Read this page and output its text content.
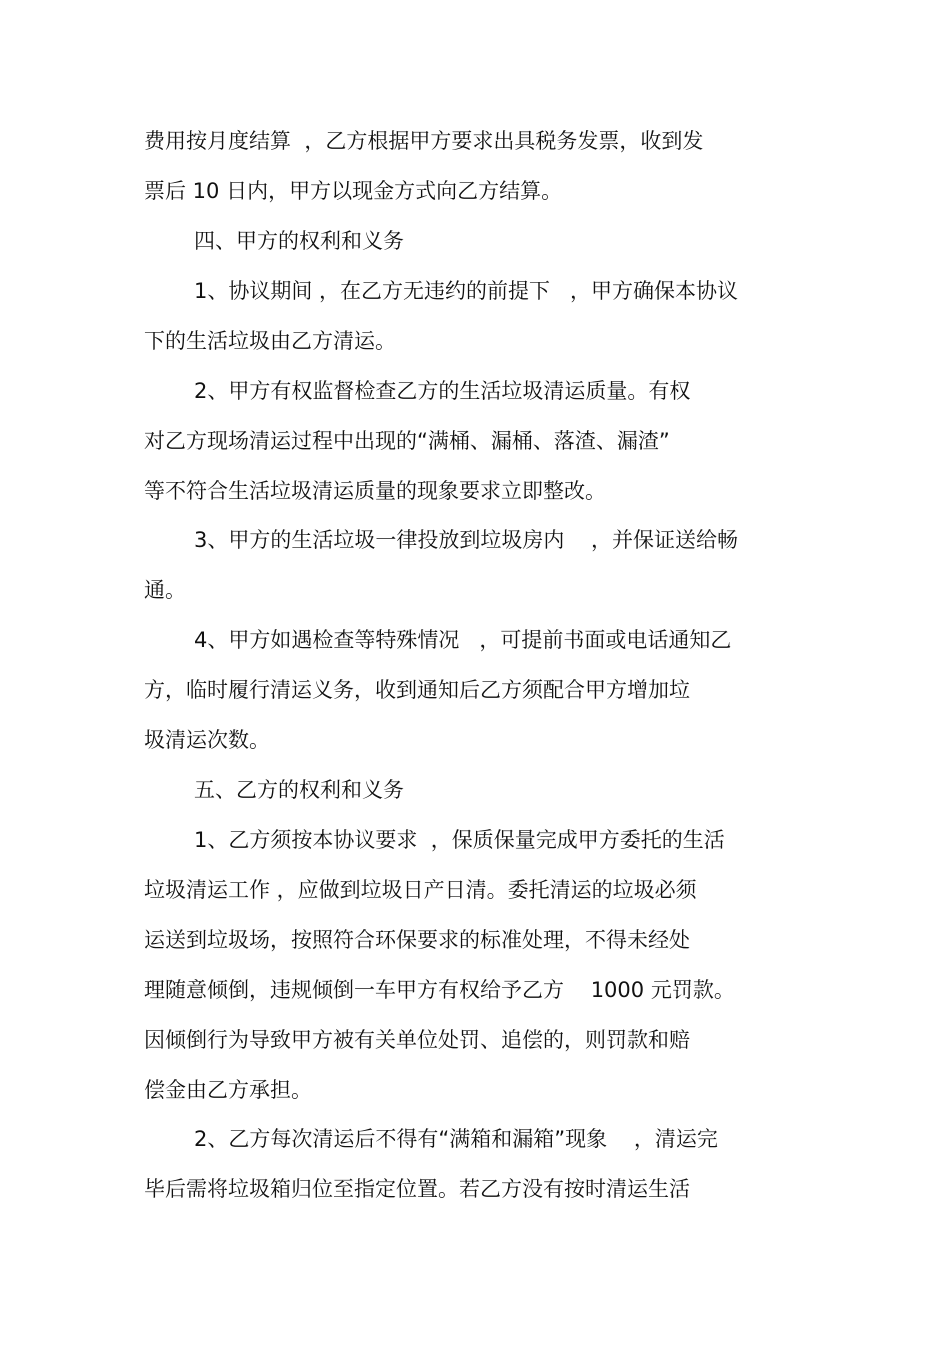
费用按月度结算  ，乙方根据甲方要求出具税务发票，收到发
票后 10 日内，甲方以现金方式向乙方结算。
四、甲方的权利和义务
1、协议期间 ，在乙方无违约的前提下   ，甲方确保本协议
下的生活垃圾由乙方清运。
2、甲方有权监督检查乙方的生活垃圾清运质量。有权
对乙方现场清运过程中出现的“满桶、漏桶、落渣、漏渣”
等不符合生活垃圾清运质量的现象要求立即整改。
3、甲方的生活垃圾一律投放到垃圾房内    ，并保证送给畅
通。
4、甲方如遇检查等特殊情况   ，可提前书面或电话通知乙
方，临时履行清运义务，收到通知后乙方须配合甲方增加垃
圾清运次数。
五、乙方的权利和义务
1、乙方须按本协议要求  ，保质保量完成甲方委托的生活
垃圾清运工作 ，应做到垃圾日产日清。委托清运的垃圾必须
运送到垃圾场，按照符合环保要求的标准处理，不得未经处
理随意倾倒，违规倾倒一车甲方有权给予乙方    1000 元罚款。
因倾倒行为导致甲方被有关单位处罚、追偿的，则罚款和赔
偿金由乙方承担。
2、乙方每次清运后不得有“满箱和漏箱”现象    ，清运完
毕后需将垃圾箱归位至指定位置。若乙方没有按时清运生活
